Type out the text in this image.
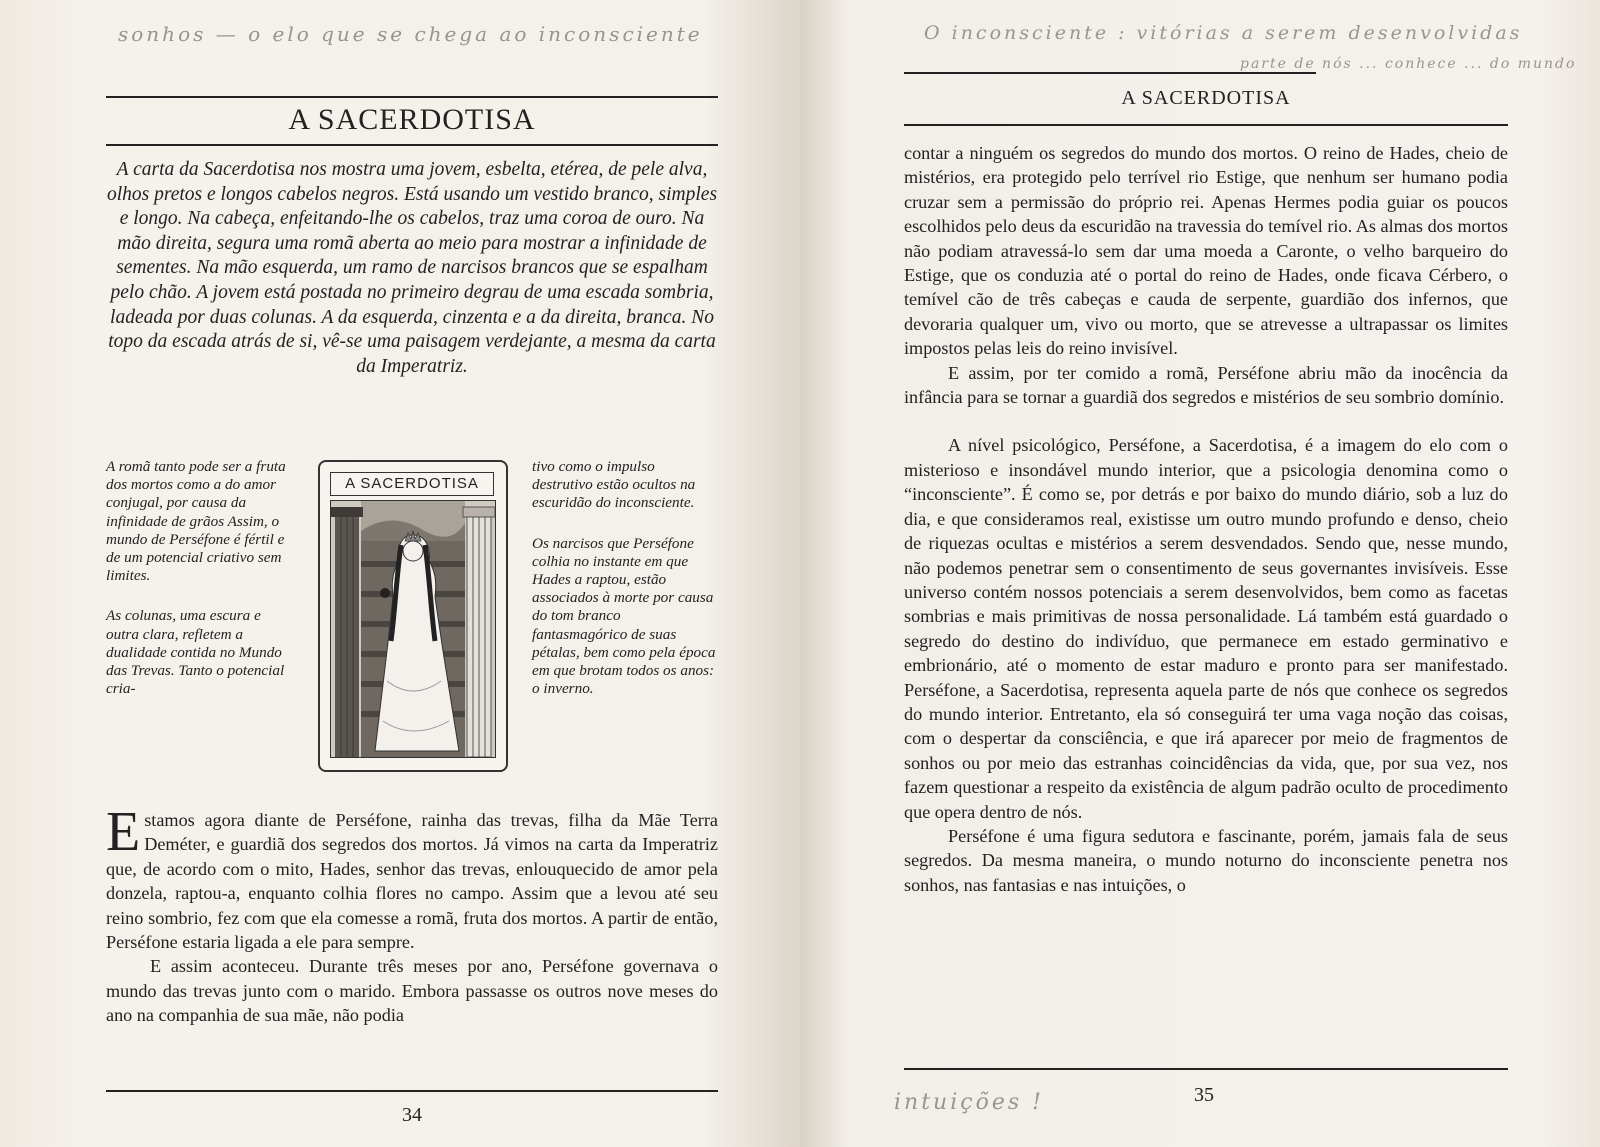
sonhos — o elo que se chega ao inconsciente
A SACERDOTISA
A carta da Sacerdotisa nos mostra uma jovem, esbelta, etérea, de pele alva, olhos pretos e longos cabelos negros. Está usando um vestido branco, simples e longo. Na cabeça, enfeitando-lhe os cabelos, traz uma coroa de ouro. Na mão direita, segura uma romã aberta ao meio para mostrar a infinidade de sementes. Na mão esquerda, um ramo de narcisos brancos que se espalham pelo chão. A jovem está postada no primeiro degrau de uma escada sombria, ladeada por duas colunas. A da esquerda, cinzenta e a da direita, branca. No topo da escada atrás de si, vê-se uma paisagem verdejante, a mesma da carta da Imperatriz.

A romã tanto pode ser a fruta dos mortos como a do amor conjugal, por causa da infinidade de grãos Assim, o mundo de Perséfone é fértil e de um potencial criativo sem limites.

As colunas, uma escura e outra clara, refletem a dualidade contida no Mundo das Trevas. Tanto o potencial cria-

A SACERDOTISA

tivo como o impulso destrutivo estão ocultos na escuridão do inconsciente.

Os narcisos que Perséfone colhia no instante em que Hades a raptou, estão associados à morte por causa do tom branco fantasmagórico de suas pétalas, bem como pela época em que brotam todos os anos: o inverno.

Estamos agora diante de Perséfone, rainha das trevas, filha da Mãe Terra Deméter, e guardiã dos segredos dos mortos. Já vimos na carta da Imperatriz que, de acordo com o mito, Hades, senhor das trevas, enlouquecido de amor pela donzela, raptou-a, enquanto colhia flores no campo. Assim que a levou até seu reino sombrio, fez com que ela comesse a romã, fruta dos mortos. A partir de então, Perséfone estaria ligada a ele para sempre.

E assim aconteceu. Durante três meses por ano, Perséfone governava o mundo das trevas junto com o marido. Embora passasse os outros nove meses do ano na companhia de sua mãe, não podia

34
O inconsciente : vitórias a serem desenvolvidas
parte de nós ... conhece ... do mundo
A SACERDOTISA

contar a ninguém os segredos do mundo dos mortos. O reino de Hades, cheio de mistérios, era protegido pelo terrível rio Estige, que nenhum ser humano podia cruzar sem a permissão do próprio rei. Apenas Hermes podia guiar os poucos escolhidos pelo deus da escuridão na travessia do temível rio. As almas dos mortos não podiam atravessá-lo sem dar uma moeda a Caronte, o velho barqueiro do Estige, que os conduzia até o portal do reino de Hades, onde ficava Cérbero, o temível cão de três cabeças e cauda de serpente, guardião dos infernos, que devoraria qualquer um, vivo ou morto, que se atrevesse a ultrapassar os limites impostos pelas leis do reino invisível.

E assim, por ter comido a romã, Perséfone abriu mão da inocência da infância para se tornar a guardiã dos segredos e mistérios de seu sombrio domínio.

A nível psicológico, Perséfone, a Sacerdotisa, é a imagem do elo com o misterioso e insondável mundo interior, que a psicologia denomina como o “inconsciente”. É como se, por detrás e por baixo do mundo diário, sob a luz do dia, e que consideramos real, existisse um outro mundo profundo e denso, cheio de riquezas ocultas e mistérios a serem desvendados. Sendo que, nesse mundo, não podemos penetrar sem o consentimento de seus governantes invisíveis. Esse universo contém nossos potenciais a serem desenvolvidos, bem como as facetas sombrias e mais primitivas de nossa personalidade. Lá também está guardado o segredo do destino do indivíduo, que permanece em estado germinativo e embrionário, até o momento de estar maduro e pronto para ser manifestado. Perséfone, a Sacerdotisa, representa aquela parte de nós que conhece os segredos do mundo interior. Entretanto, ela só conseguirá ter uma vaga noção das coisas, com o despertar da consciência, e que irá aparecer por meio de fragmentos de sonhos ou por meio das estranhas coincidências da vida, que, por sua vez, nos fazem questionar a respeito da existência de algum padrão oculto de procedimento que opera dentro de nós.

Perséfone é uma figura sedutora e fascinante, porém, jamais fala de seus segredos. Da mesma maneira, o mundo noturno do inconsciente penetra nos sonhos, nas fantasias e nas intuições, o

intuições !	35
